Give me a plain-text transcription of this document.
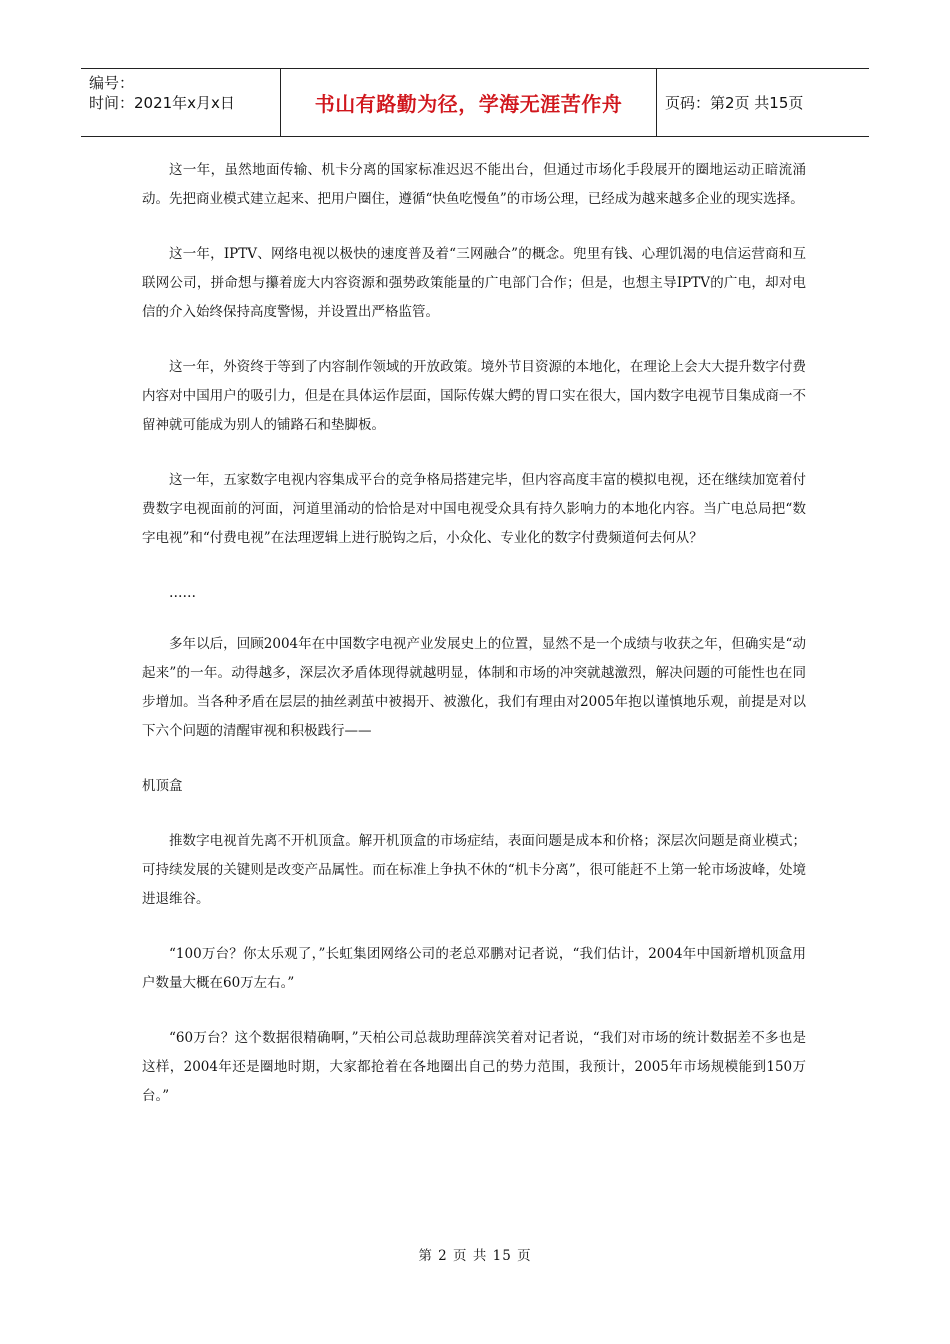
编号：
时间：2021年x月x日	书山有路勤为径，学海无涯苦作舟	页码：第2页 共15页

这一年，虽然地面传输、机卡分离的国家标准迟迟不能出台，但通过市场化手段展开的圈地运动正暗流涌动。先把商业模式建立起来、把用户圈住，遵循“快鱼吃慢鱼”的市场公理，已经成为越来越多企业的现实选择。

这一年，IPTV、网络电视以极快的速度普及着“三网融合”的概念。兜里有钱、心理饥渴的电信运营商和互联网公司，拼命想与攥着庞大内容资源和强势政策能量的广电部门合作；但是，也想主导IPTV的广电，却对电信的介入始终保持高度警惕，并设置出严格监管。

这一年，外资终于等到了内容制作领域的开放政策。境外节目资源的本地化，在理论上会大大提升数字付费内容对中国用户的吸引力，但是在具体运作层面，国际传媒大鳄的胃口实在很大，国内数字电视节目集成商一不留神就可能成为别人的铺路石和垫脚板。

这一年，五家数字电视内容集成平台的竞争格局搭建完毕，但内容高度丰富的模拟电视，还在继续加宽着付费数字电视面前的河面，河道里涌动的恰恰是对中国电视受众具有持久影响力的本地化内容。当广电总局把“数字电视”和“付费电视”在法理逻辑上进行脱钩之后，小众化、专业化的数字付费频道何去何从？

……

多年以后，回顾2004年在中国数字电视产业发展史上的位置，显然不是一个成绩与收获之年，但确实是“动起来”的一年。动得越多，深层次矛盾体现得就越明显，体制和市场的冲突就越激烈，解决问题的可能性也在同步增加。当各种矛盾在层层的抽丝剥茧中被揭开、被激化，我们有理由对2005年抱以谨慎地乐观，前提是对以下六个问题的清醒审视和积极践行——

机顶盒

推数字电视首先离不开机顶盒。解开机顶盒的市场症结，表面问题是成本和价格；深层次问题是商业模式；可持续发展的关键则是改变产品属性。而在标准上争执不休的“机卡分离”，很可能赶不上第一轮市场波峰，处境进退维谷。

“100万台？你太乐观了，”长虹集团网络公司的老总邓鹏对记者说，“我们估计，2004年中国新增机顶盒用户数量大概在60万左右。”

“60万台？这个数据很精确啊，”天柏公司总裁助理薛滨笑着对记者说，“我们对市场的统计数据差不多也是这样，2004年还是圈地时期，大家都抢着在各地圈出自己的势力范围，我预计，2005年市场规模能到150万台。”

第 2 页 共 15 页
